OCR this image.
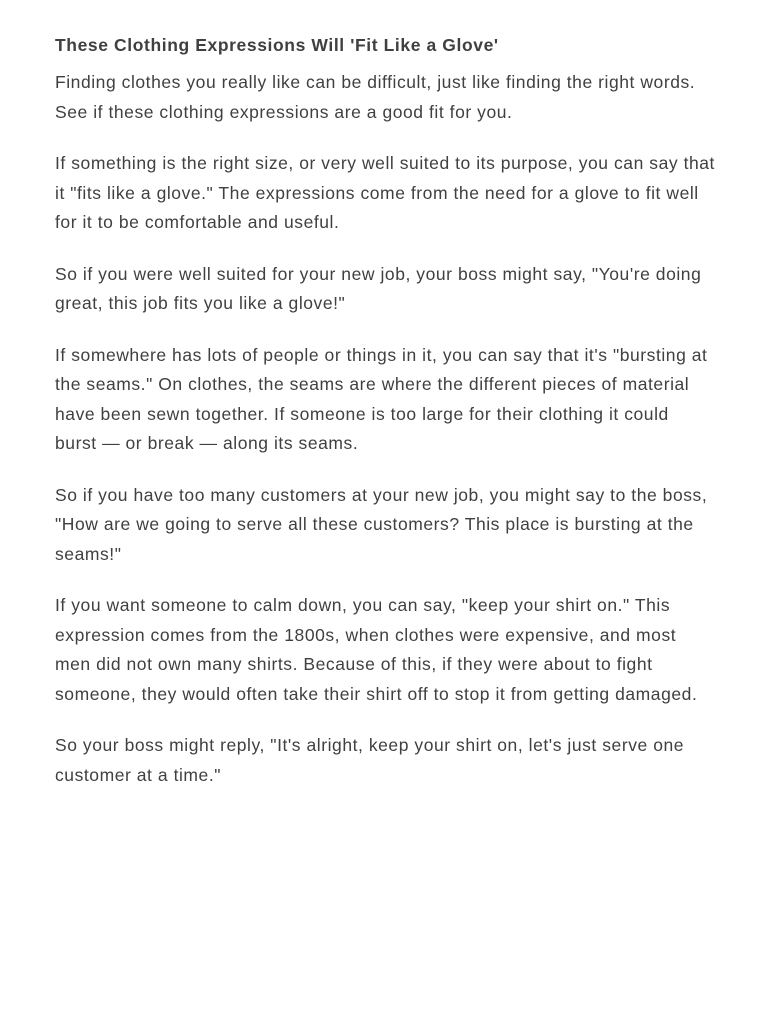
These Clothing Expressions Will 'Fit Like a Glove'

Finding clothes you really like can be difficult, just like finding the right words. See if these clothing expressions are a good fit for you.

If something is the right size, or very well suited to its purpose, you can say that it "fits like a glove." The expressions come from the need for a glove to fit well for it to be comfortable and useful.

So if you were well suited for your new job, your boss might say, "You're doing great, this job fits you like a glove!"

If somewhere has lots of people or things in it, you can say that it's "bursting at the seams." On clothes, the seams are where the different pieces of material have been sewn together. If someone is too large for their clothing it could burst — or break — along its seams.

So if you have too many customers at your new job, you might say to the boss, "How are we going to serve all these customers? This place is bursting at the seams!"

If you want someone to calm down, you can say, "keep your shirt on." This expression comes from the 1800s, when clothes were expensive, and most men did not own many shirts. Because of this, if they were about to fight someone, they would often take their shirt off to stop it from getting damaged.

So your boss might reply, "It's alright, keep your shirt on, let's just serve one customer at a time."
